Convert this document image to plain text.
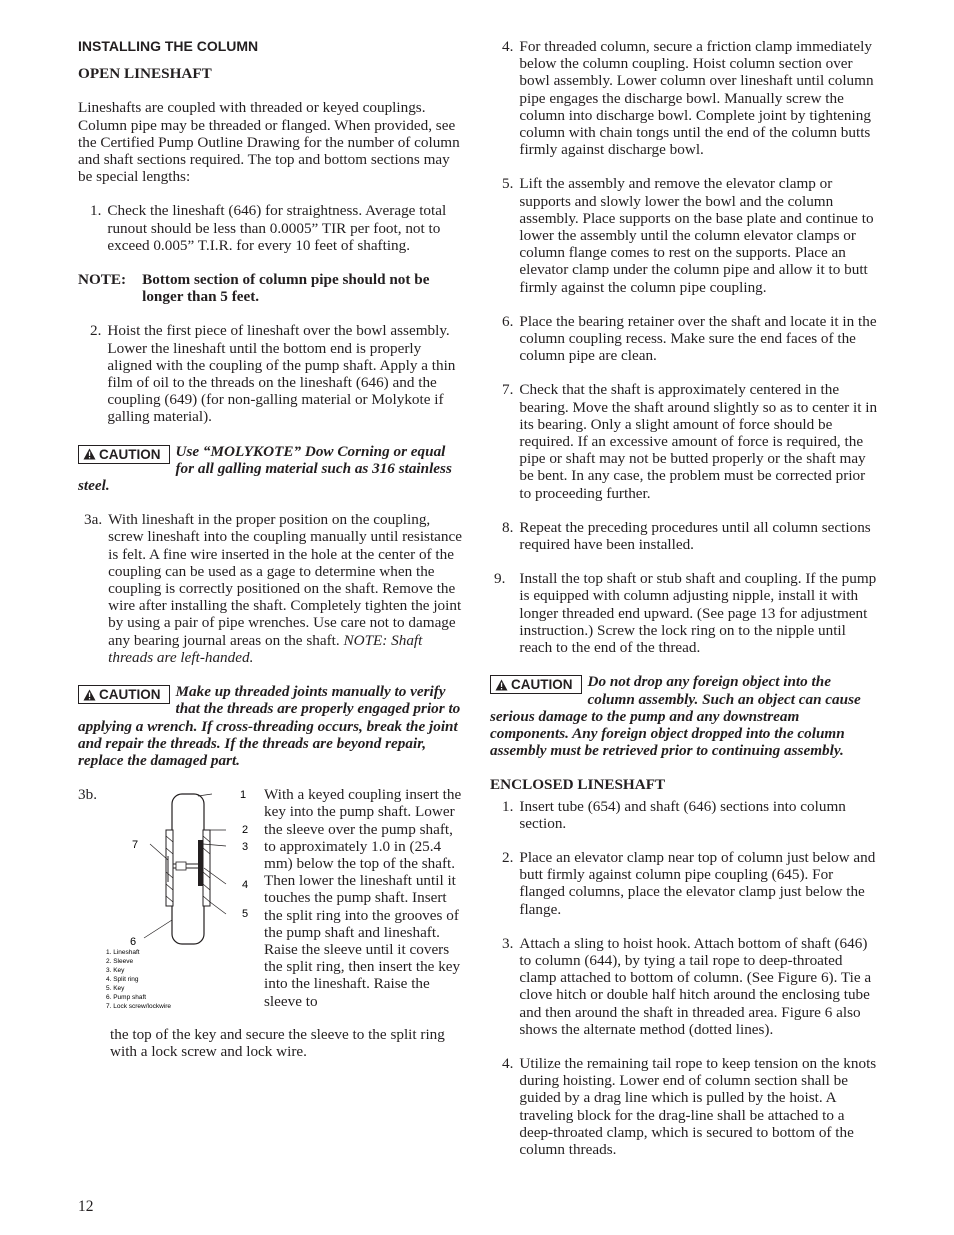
INSTALLING THE COLUMN
OPEN LINESHAFT

Lineshafts are coupled with threaded or keyed couplings. Column pipe may be threaded or flanged. When provided, see the Certified Pump Outline Drawing for the number of column and shaft sections required. The top and bottom sections may be special lengths:

1. Check the lineshaft (646) for straightness. Average total runout should be less than 0.0005” TIR per foot, not to exceed 0.005” T.I.R. for every 10 feet of shafting.
NOTE:	Bottom section of column pipe should not be longer than 5 feet.
2. Hoist the first piece of lineshaft over the bowl assembly. Lower the lineshaft until the bottom end is properly aligned with the coupling of the pump shaft. Apply a thin film of oil to the threads on the lineshaft (646) and the coupling (649) (for non-galling material or Molykote if galling material).
CAUTION Use “MOLYKOTE” Dow Corning or equal for all galling material such as 316 stainless steel.
3a. With lineshaft in the proper position on the coupling, screw lineshaft into the coupling manually until resistance is felt. A fine wire inserted in the hole at the center of the coupling can be used as a gage to determine when the coupling is correctly positioned on the shaft. Remove the wire after installing the shaft. Completely tighten the joint by using a pair of pipe wrenches. Use care not to damage any bearing journal areas on the shaft. NOTE: Shaft threads are left-handed.
CAUTION Make up threaded joints manually to verify that the threads are properly engaged prior to applying a wrench. If cross-threading occurs, break the joint and repair the threads. If the threads are beyond repair, replace the damaged part.
3b.	1
2
3
4
5
6
7
1. Lineshaft
2. Sleeve
3. Key
4. Split ring
5. Key
6. Pump shaft
7. Lock screw/lockwire
With a keyed coupling insert the key into the pump shaft. Lower the sleeve over the pump shaft, to approximately 1.0 in (25.4 mm) below the top of the shaft. Then lower the lineshaft until it touches the pump shaft. Insert the split ring into the grooves of the pump shaft and lineshaft. Raise the sleeve until it covers the split ring, then insert the key into the lineshaft. Raise the sleeve to
the top of the key and secure the sleeve to the split ring with a lock screw and lock wire.
4. For threaded column, secure a friction clamp immediately below the column coupling. Hoist column section over bowl assembly. Lower column over lineshaft until column pipe engages the discharge bowl. Manually screw the column into discharge bowl. Complete joint by tightening column with chain tongs until the end of the column butts firmly against discharge bowl.
5. Lift the assembly and remove the elevator clamp or supports and slowly lower the bowl and the column assembly. Place supports on the base plate and continue to lower the assembly until the column elevator clamps or column flange comes to rest on the supports. Place an elevator clamp under the column pipe and allow it to butt firmly against the column pipe coupling.
6. Place the bearing retainer over the shaft and locate it in the column coupling recess. Make sure the end faces of the column pipe are clean.
7. Check that the shaft is approximately centered in the bearing. Move the shaft around slightly so as to center it in its bearing. Only a slight amount of force should be required. If an excessive amount of force is required, the pipe or shaft may not be butted properly or the shaft may be bent. In any case, the problem must be corrected prior to proceeding further.
8. Repeat the preceding procedures until all column sections required have been installed.
9. Install the top shaft or stub shaft and coupling. If the pump is equipped with column adjusting nipple, install it with longer threaded end upward. (See page 13 for adjustment instruction.) Screw the lock ring on to the nipple until reach to the end of the thread.
CAUTION Do not drop any foreign object into the column assembly. Such an object can cause serious damage to the pump and any downstream components. Any foreign object dropped into the column assembly must be retrieved prior to continuing assembly.
ENCLOSED LINESHAFT
1. Insert tube (654) and shaft (646) sections into column section.
2. Place an elevator clamp near top of column just below and butt firmly against column pipe coupling (645). For flanged columns, place the elevator clamp just below the flange.
3. Attach a sling to hoist hook. Attach bottom of shaft (646) to column (644), by tying a tail rope to deep-throated clamp attached to bottom of column. (See Figure 6). Tie a clove hitch or double half hitch around the enclosing tube and then around the shaft in threaded area. Figure 6 also shows the alternate method (dotted lines).
4. Utilize the remaining tail rope to keep tension on the knots during hoisting. Lower end of column section shall be guided by a drag line which is pulled by the hoist. A traveling block for the drag-line shall be attached to a deep-throated clamp, which is secured to bottom of the column threads.
12
